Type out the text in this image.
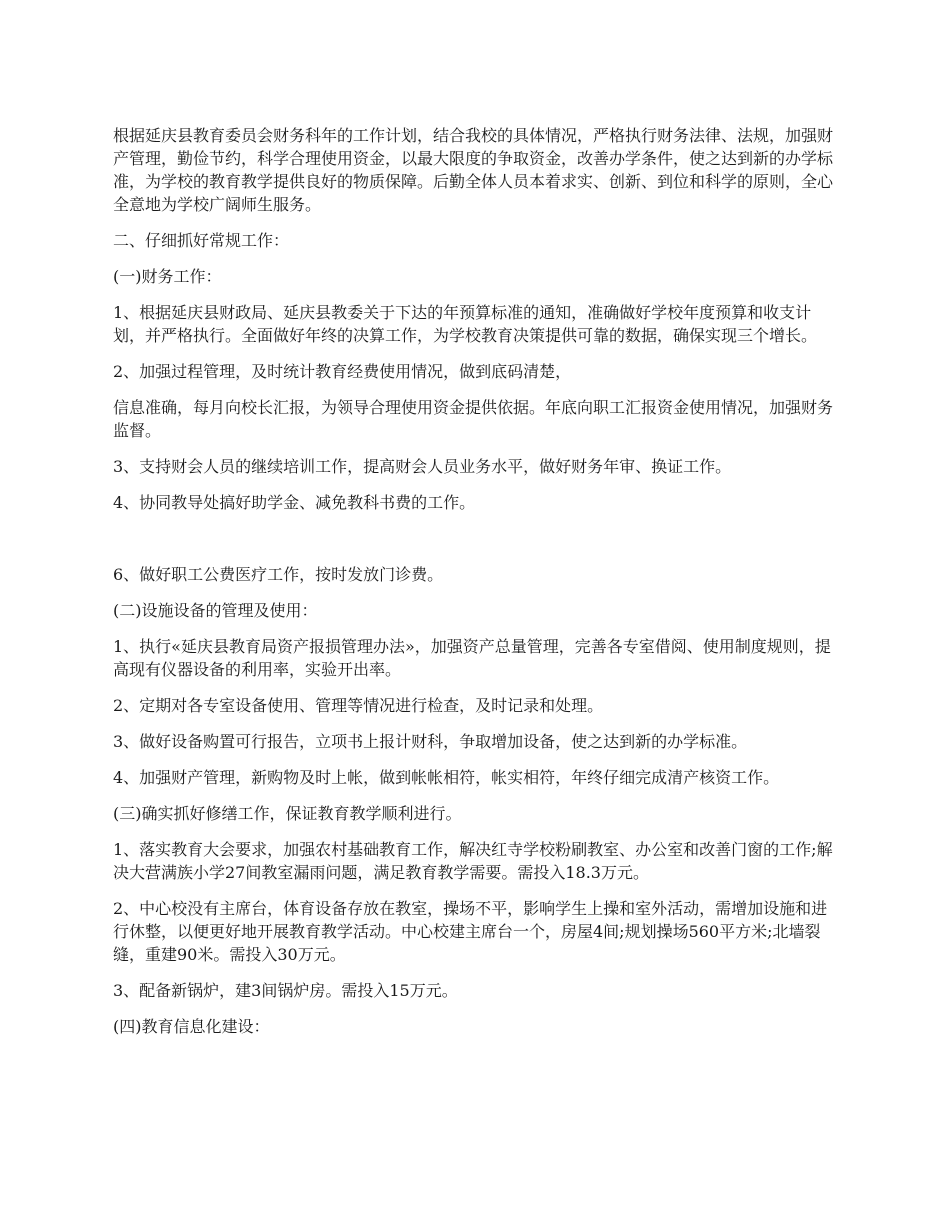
根据延庆县教育委员会财务科年的工作计划，结合我校的具体情况，严格执行财务法律、法规，加强财产管理，勤俭节约，科学合理使用资金，以最大限度的争取资金，改善办学条件，使之达到新的办学标准，为学校的教育教学提供良好的物质保障。后勤全体人员本着求实、创新、到位和科学的原则，全心全意地为学校广阔师生服务。

二、仔细抓好常规工作：

(一)财务工作：

1、根据延庆县财政局、延庆县教委关于下达的年预算标准的通知，准确做好学校年度预算和收支计划，并严格执行。全面做好年终的决算工作，为学校教育决策提供可靠的数据，确保实现三个增长。

2、加强过程管理，及时统计教育经费使用情况，做到底码清楚，

信息准确，每月向校长汇报，为领导合理使用资金提供依据。年底向职工汇报资金使用情况，加强财务监督。

3、支持财会人员的继续培训工作，提高财会人员业务水平，做好财务年审、换证工作。

4、协同教导处搞好助学金、减免教科书费的工作。

6、做好职工公费医疗工作，按时发放门诊费。

(二)设施设备的管理及使用：

1、执行«延庆县教育局资产报损管理办法»，加强资产总量管理，完善各专室借阅、使用制度规则，提高现有仪器设备的利用率，实验开出率。

2、定期对各专室设备使用、管理等情况进行检查，及时记录和处理。

3、做好设备购置可行报告，立项书上报计财科，争取增加设备，使之达到新的办学标准。

4、加强财产管理，新购物及时上帐，做到帐帐相符，帐实相符，年终仔细完成清产核资工作。

(三)确实抓好修缮工作，保证教育教学顺利进行。

1、落实教育大会要求，加强农村基础教育工作，解决红寺学校粉刷教室、办公室和改善门窗的工作;解决大营满族小学27间教室漏雨问题，满足教育教学需要。需投入18.3万元。

2、中心校没有主席台，体育设备存放在教室，操场不平，影响学生上操和室外活动，需增加设施和进行休整，以便更好地开展教育教学活动。中心校建主席台一个，房屋4间;规划操场560平方米;北墙裂缝，重建90米。需投入30万元。

3、配备新锅炉，建3间锅炉房。需投入15万元。

(四)教育信息化建设：
